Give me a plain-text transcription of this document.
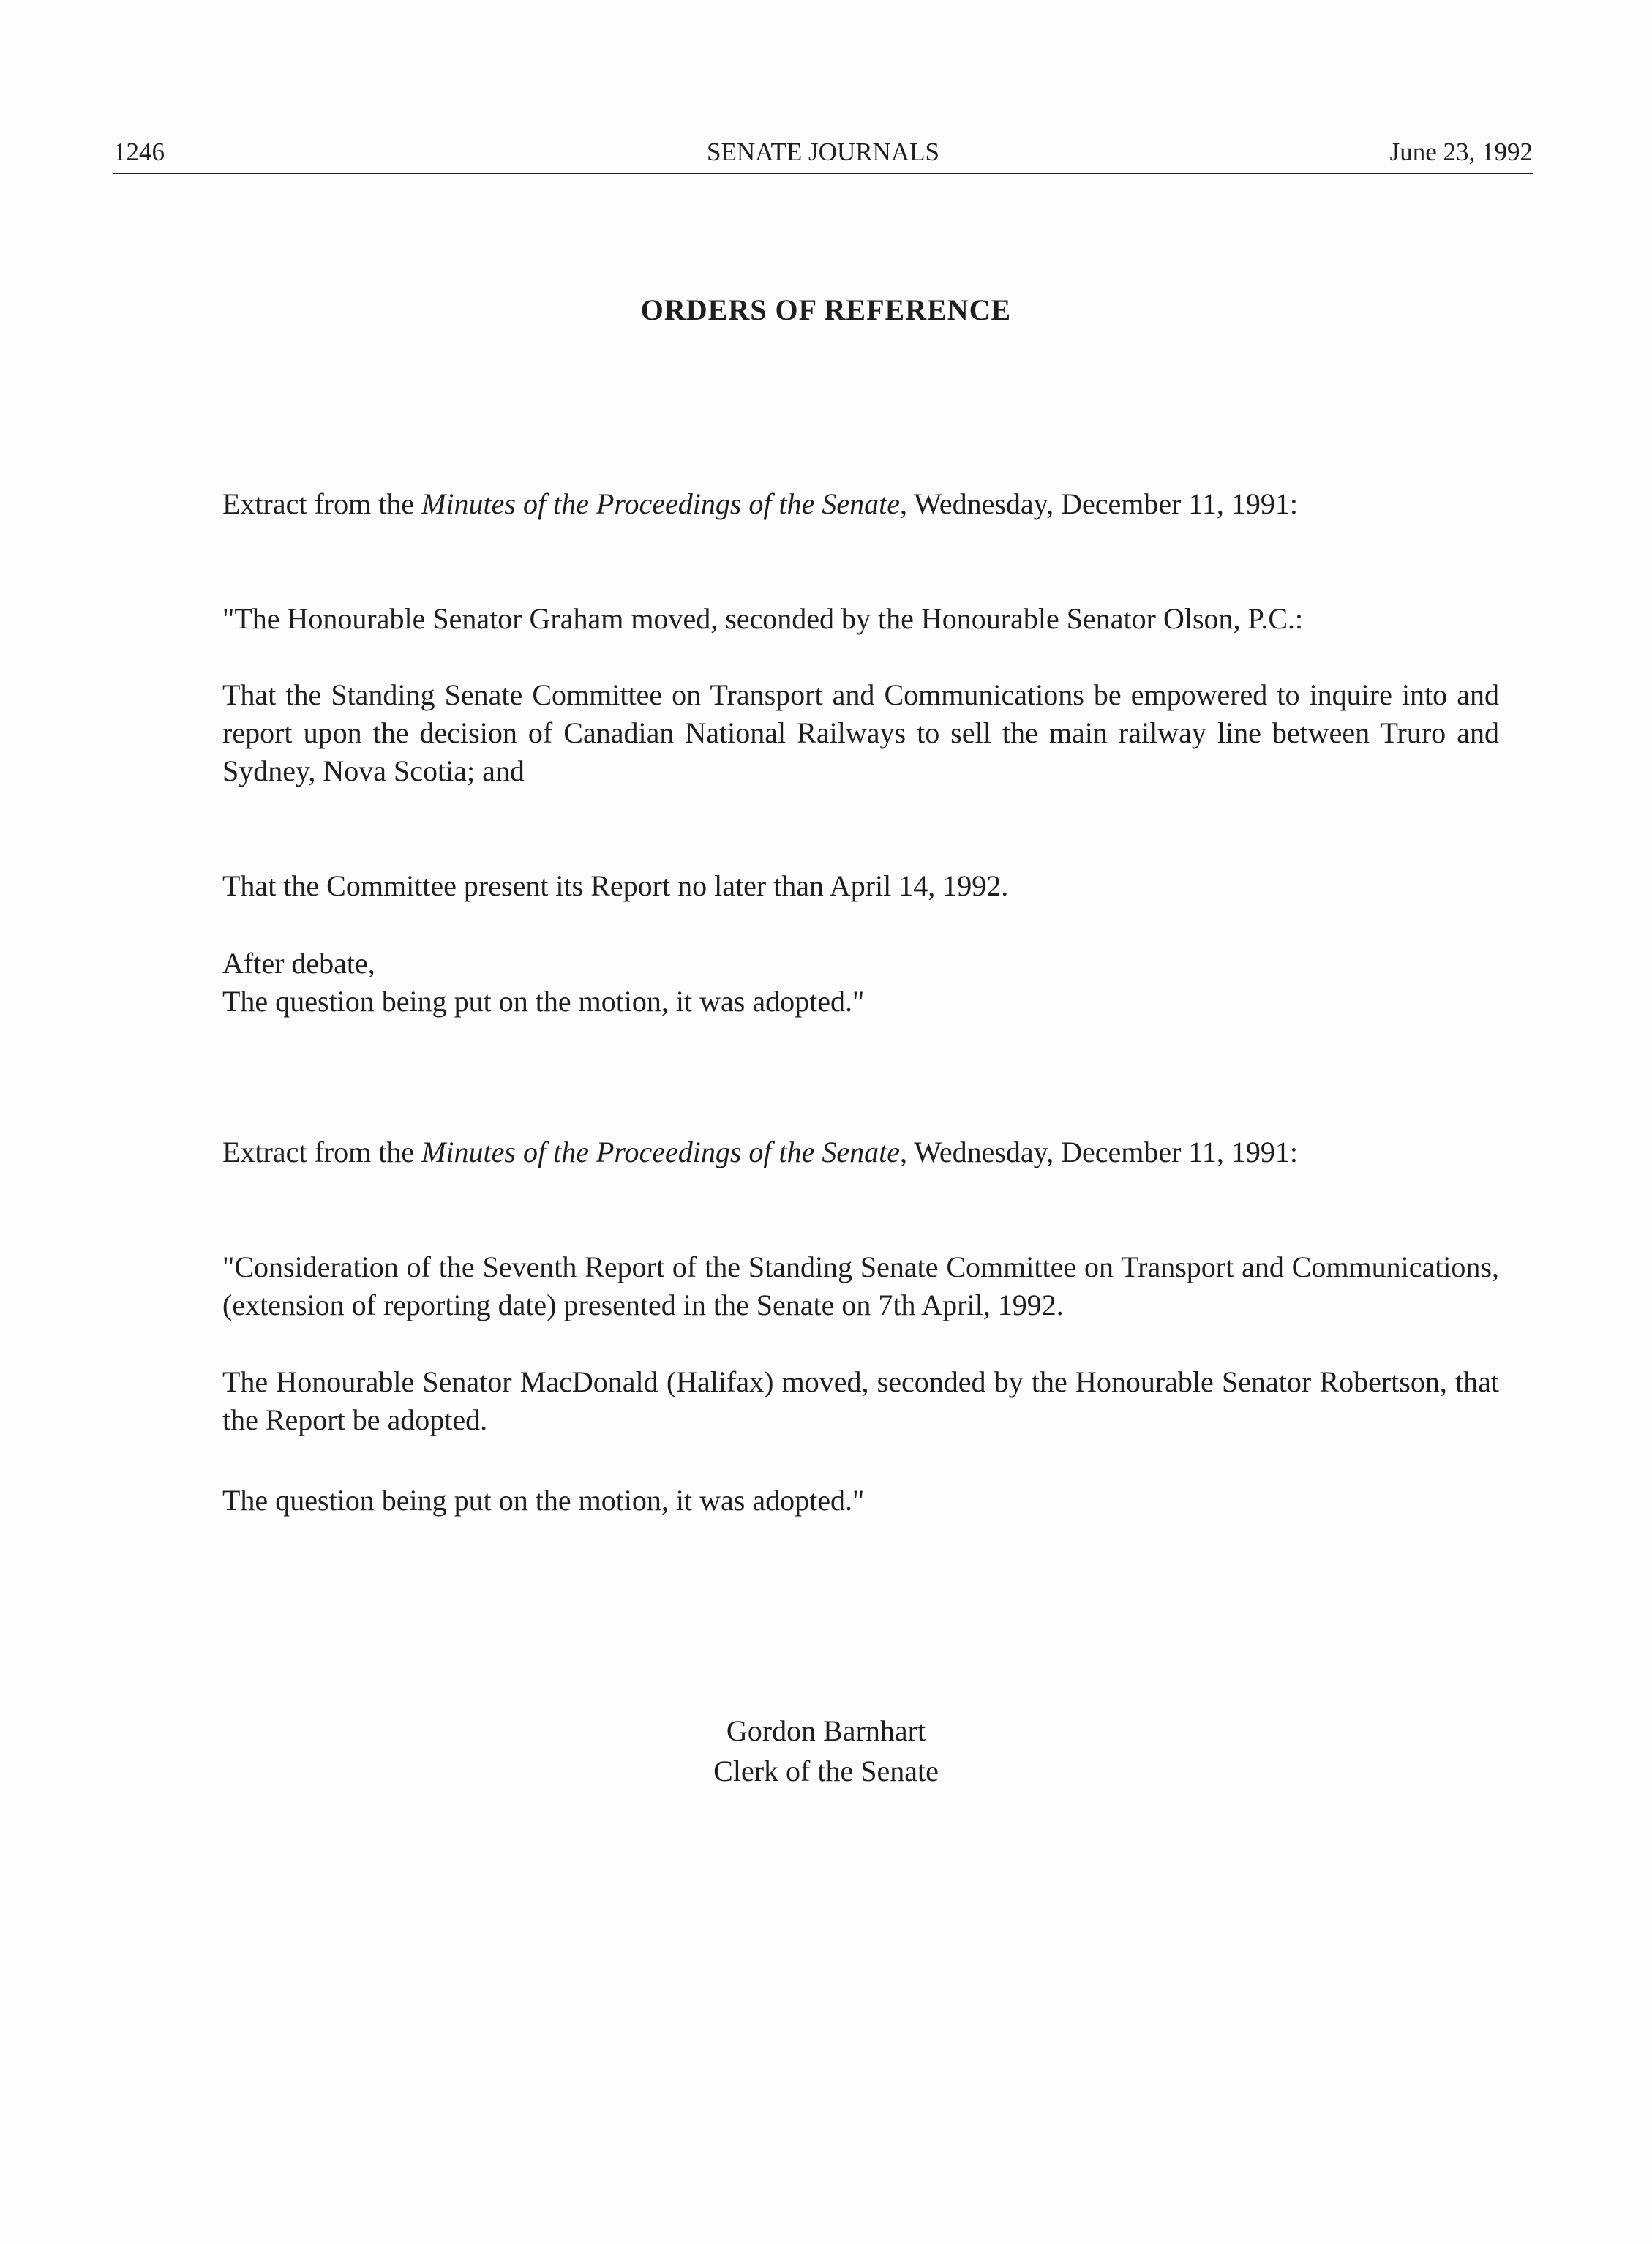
1246	SENATE JOURNALS	June 23, 1992
ORDERS OF REFERENCE

Extract from the Minutes of the Proceedings of the Senate, Wednesday, December 11, 1991:

"The Honourable Senator Graham moved, seconded by the Honourable Senator Olson, P.C.:

That the Standing Senate Committee on Transport and Communications be empowered to inquire into and report upon the decision of Canadian National Railways to sell the main railway line between Truro and Sydney, Nova Scotia; and

That the Committee present its Report no later than April 14, 1992.

After debate,

The question being put on the motion, it was adopted."

Extract from the Minutes of the Proceedings of the Senate, Wednesday, December 11, 1991:

"Consideration of the Seventh Report of the Standing Senate Committee on Transport and Communications, (extension of reporting date) presented in the Senate on 7th April, 1992.

The Honourable Senator MacDonald (Halifax) moved, seconded by the Honourable Senator Robertson, that the Report be adopted.

The question being put on the motion, it was adopted."

Gordon Barnhart
Clerk of the Senate
